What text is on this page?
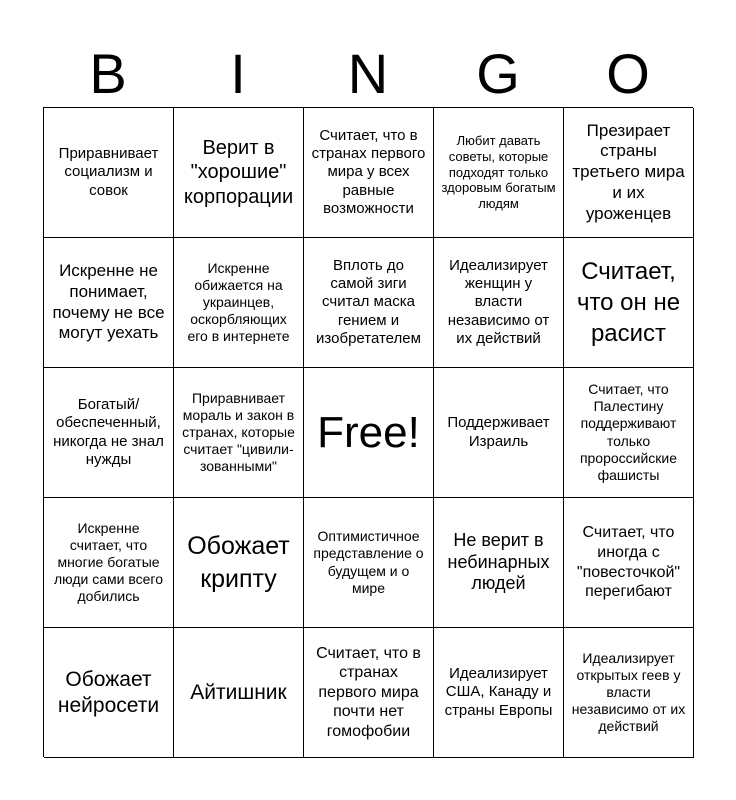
B	I	N	G	O
Приравнивает социализм и совок
Верит в "хорошие" корпорации
Считает, что в странах первого мира у всех равные возможности
Любит давать советы, которые подходят только здоровым богатым людям
Презирает страны третьего мира и их уроженцев
Искренне не понимает, почему не все могут уехать
Искренне обижается на украинцев, оскорбляющих его в интернете
Вплоть до самой зиги считал маска гением и изобретателем
Идеализирует женщин у власти независимо от их действий
Считает, что он не расист
Богатый/ обеспеченный, никогда не знал нужды
Приравнивает мораль и закон в странах, которые считает "цивили- зованными"
Free!	Поддерживает Израиль
Считает, что Палестину поддерживают только пророссийские фашисты
Искренне считает, что многие богатые люди сами всего добились
Обожает крипту
Оптимистичное представление о будущем и о мире
Не верит в небинарных людей
Считает, что иногда с "повесточкой" перегибают
Обожает нейросети
Айтишник
Считает, что в странах первого мира почти нет гомофобии
Идеализирует США, Канаду и страны Европы
Идеализирует открытых геев у власти независимо от их действий
